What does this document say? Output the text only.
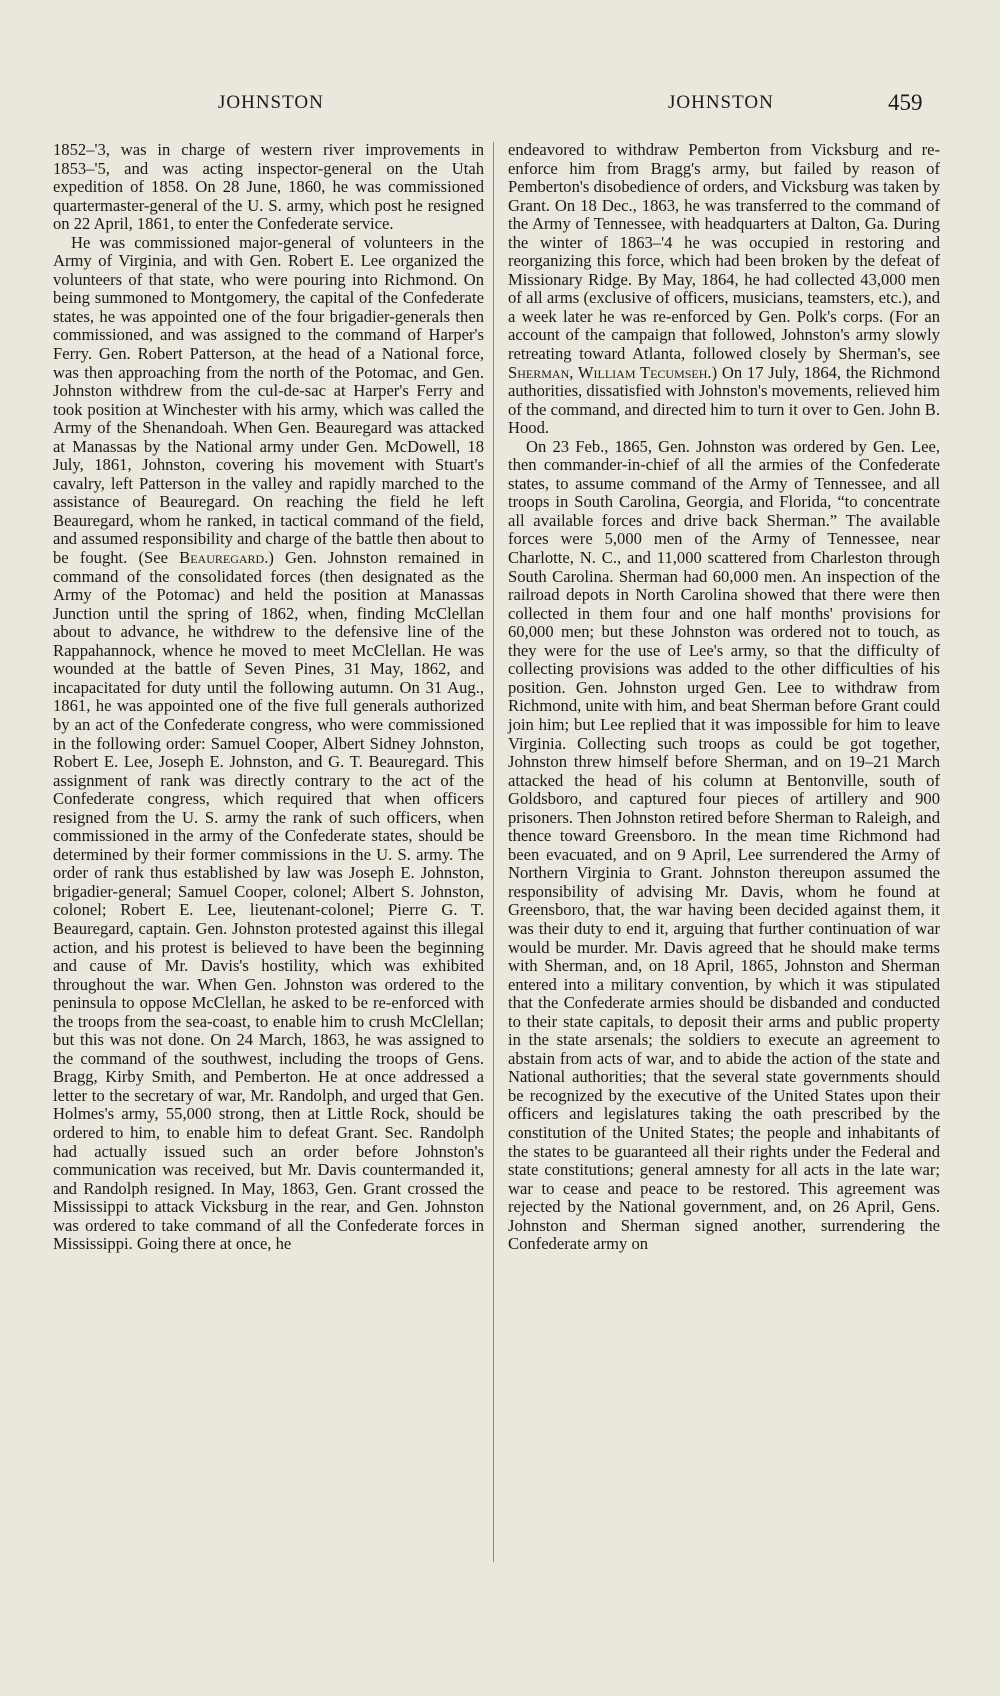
JOHNSTON	JOHNSTON	459

1852–'3, was in charge of western river improvements in 1853–'5, and was acting inspector-general on the Utah expedition of 1858. On 28 June, 1860, he was commissioned quartermaster-general of the U. S. army, which post he resigned on 22 April, 1861, to enter the Confederate service.

He was commissioned major-general of volunteers in the Army of Virginia, and with Gen. Robert E. Lee organized the volunteers of that state, who were pouring into Richmond. On being summoned to Montgomery, the capital of the Confederate states, he was appointed one of the four brigadier-generals then commissioned, and was assigned to the command of Harper's Ferry. Gen. Robert Patterson, at the head of a National force, was then approaching from the north of the Potomac, and Gen. Johnston withdrew from the cul-de-sac at Harper's Ferry and took position at Winchester with his army, which was called the Army of the Shenandoah. When Gen. Beauregard was attacked at Manassas by the National army under Gen. McDowell, 18 July, 1861, Johnston, covering his movement with Stuart's cavalry, left Patterson in the valley and rapidly marched to the assistance of Beauregard. On reaching the field he left Beauregard, whom he ranked, in tactical command of the field, and assumed responsibility and charge of the battle then about to be fought. (See Beauregard.) Gen. Johnston remained in command of the consolidated forces (then designated as the Army of the Potomac) and held the position at Manassas Junction until the spring of 1862, when, finding McClellan about to advance, he withdrew to the defensive line of the Rappahannock, whence he moved to meet McClellan. He was wounded at the battle of Seven Pines, 31 May, 1862, and incapacitated for duty until the following autumn. On 31 Aug., 1861, he was appointed one of the five full generals authorized by an act of the Confederate congress, who were commissioned in the following order: Samuel Cooper, Albert Sidney Johnston, Robert E. Lee, Joseph E. Johnston, and G. T. Beauregard. This assignment of rank was directly contrary to the act of the Confederate congress, which required that when officers resigned from the U. S. army the rank of such officers, when commissioned in the army of the Confederate states, should be determined by their former commissions in the U. S. army. The order of rank thus established by law was Joseph E. Johnston, brigadier-general; Samuel Cooper, colonel; Albert S. Johnston, colonel; Robert E. Lee, lieutenant-colonel; Pierre G. T. Beauregard, captain. Gen. Johnston protested against this illegal action, and his protest is believed to have been the beginning and cause of Mr. Davis's hostility, which was exhibited throughout the war. When Gen. Johnston was ordered to the peninsula to oppose McClellan, he asked to be re-enforced with the troops from the sea-coast, to enable him to crush McClellan; but this was not done. On 24 March, 1863, he was assigned to the command of the southwest, including the troops of Gens. Bragg, Kirby Smith, and Pemberton. He at once addressed a letter to the secretary of war, Mr. Randolph, and urged that Gen. Holmes's army, 55,000 strong, then at Little Rock, should be ordered to him, to enable him to defeat Grant. Sec. Randolph had actually issued such an order before Johnston's communication was received, but Mr. Davis countermanded it, and Randolph resigned. In May, 1863, Gen. Grant crossed the Mississippi to attack Vicksburg in the rear, and Gen. Johnston was ordered to take command of all the Confederate forces in Mississippi. Going there at once, he

endeavored to withdraw Pemberton from Vicksburg and re-enforce him from Bragg's army, but failed by reason of Pemberton's disobedience of orders, and Vicksburg was taken by Grant. On 18 Dec., 1863, he was transferred to the command of the Army of Tennessee, with headquarters at Dalton, Ga. During the winter of 1863–'4 he was occupied in restoring and reorganizing this force, which had been broken by the defeat of Missionary Ridge. By May, 1864, he had collected 43,000 men of all arms (exclusive of officers, musicians, teamsters, etc.), and a week later he was re-enforced by Gen. Polk's corps. (For an account of the campaign that followed, Johnston's army slowly retreating toward Atlanta, followed closely by Sherman's, see Sherman, William Tecumseh.) On 17 July, 1864, the Richmond authorities, dissatisfied with Johnston's movements, relieved him of the command, and directed him to turn it over to Gen. John B. Hood.

On 23 Feb., 1865, Gen. Johnston was ordered by Gen. Lee, then commander-in-chief of all the armies of the Confederate states, to assume command of the Army of Tennessee, and all troops in South Carolina, Georgia, and Florida, “to concentrate all available forces and drive back Sherman.” The available forces were 5,000 men of the Army of Tennessee, near Charlotte, N. C., and 11,000 scattered from Charleston through South Carolina. Sherman had 60,000 men. An inspection of the railroad depots in North Carolina showed that there were then collected in them four and one half months' provisions for 60,000 men; but these Johnston was ordered not to touch, as they were for the use of Lee's army, so that the difficulty of collecting provisions was added to the other difficulties of his position. Gen. Johnston urged Gen. Lee to withdraw from Richmond, unite with him, and beat Sherman before Grant could join him; but Lee replied that it was impossible for him to leave Virginia. Collecting such troops as could be got together, Johnston threw himself before Sherman, and on 19–21 March attacked the head of his column at Bentonville, south of Goldsboro, and captured four pieces of artillery and 900 prisoners. Then Johnston retired before Sherman to Raleigh, and thence toward Greensboro. In the mean time Richmond had been evacuated, and on 9 April, Lee surrendered the Army of Northern Virginia to Grant. Johnston thereupon assumed the responsibility of advising Mr. Davis, whom he found at Greensboro, that, the war having been decided against them, it was their duty to end it, arguing that further continuation of war would be murder. Mr. Davis agreed that he should make terms with Sherman, and, on 18 April, 1865, Johnston and Sherman entered into a military convention, by which it was stipulated that the Confederate armies should be disbanded and conducted to their state capitals, to deposit their arms and public property in the state arsenals; the soldiers to execute an agreement to abstain from acts of war, and to abide the action of the state and National authorities; that the several state governments should be recognized by the executive of the United States upon their officers and legislatures taking the oath prescribed by the constitution of the United States; the people and inhabitants of the states to be guaranteed all their rights under the Federal and state constitutions; general amnesty for all acts in the late war; war to cease and peace to be restored. This agreement was rejected by the National government, and, on 26 April, Gens. Johnston and Sherman signed another, surrendering the Confederate army on
